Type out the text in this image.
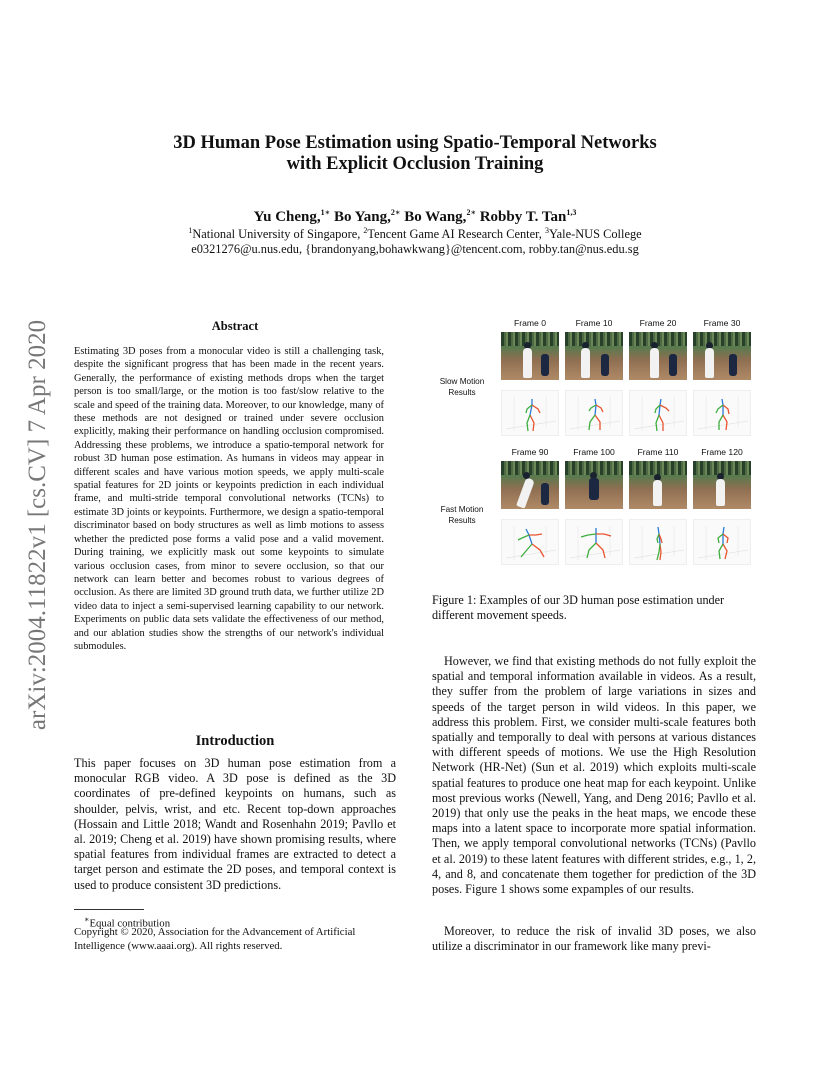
arXiv:2004.11822v1 [cs.CV] 7 Apr 2020
3D Human Pose Estimation using Spatio-Temporal Networks
with Explicit Occlusion Training
Yu Cheng,$^{1∗}$ Bo Yang,$^{2∗}$ Bo Wang,$^{2∗}$ Robby T. Tan$^{1,3}$
$^1$National University of Singapore, $^2$Tencent Game AI Research Center, $^3$Yale-NUS College
e0321276@u.nus.edu, {brandonyang,bohawkwang}@tencent.com, robby.tan@nus.edu.sg
Abstract

Estimating 3D poses from a monocular video is still a challenging task, despite the significant progress that has been made in the recent years. Generally, the performance of existing methods drops when the target person is too small/large, or the motion is too fast/slow relative to the scale and speed of the training data. Moreover, to our knowledge, many of these methods are not designed or trained under severe occlusion explicitly, making their performance on handling occlusion compromised. Addressing these problems, we introduce a spatio-temporal network for robust 3D human pose estimation. As humans in videos may appear in different scales and have various motion speeds, we apply multi-scale spatial features for 2D joints or keypoints prediction in each individual frame, and multi-stride temporal convolutional networks (TCNs) to estimate 3D joints or keypoints. Furthermore, we design a spatio-temporal discriminator based on body structures as well as limb motions to assess whether the predicted pose forms a valid pose and a valid movement. During training, we explicitly mask out some keypoints to simulate various occlusion cases, from minor to severe occlusion, so that our network can learn better and becomes robust to various degrees of occlusion. As there are limited 3D ground truth data, we further utilize 2D video data to inject a semi-supervised learning capability to our network. Experiments on public data sets validate the effectiveness of our method, and our ablation studies show the strengths of our network's individual submodules.

Introduction

This paper focuses on 3D human pose estimation from a monocular RGB video. A 3D pose is defined as the 3D coordinates of pre-defined keypoints on humans, such as shoulder, pelvis, wrist, and etc. Recent top-down approaches (Hossain and Little 2018; Wandt and Rosenhahn 2019; Pavllo et al. 2019; Cheng et al. 2019) have shown promising results, where spatial features from individual frames are extracted to detect a target person and estimate the 2D poses, and temporal context is used to produce consistent 3D predictions.

∗Equal contribution

Copyright © 2020, Association for the Advancement of Artificial Intelligence (www.aaai.org). All rights reserved.

Frame 0	Frame 10	Frame 20	Frame 30
Slow Motion Results
Frame 90	Frame 100	Frame 110	Frame 120
Fast Motion Results

Figure 1: Examples of our 3D human pose estimation under different movement speeds.

However, we find that existing methods do not fully exploit the spatial and temporal information available in videos. As a result, they suffer from the problem of large variations in sizes and speeds of the target person in wild videos. In this paper, we address this problem. First, we consider multi-scale features both spatially and temporally to deal with persons at various distances with different speeds of motions. We use the High Resolution Network (HR-Net) (Sun et al. 2019) which exploits multi-scale spatial features to produce one heat map for each keypoint. Unlike most previous works (Newell, Yang, and Deng 2016; Pavllo et al. 2019) that only use the peaks in the heat maps, we encode these maps into a latent space to incorporate more spatial information. Then, we apply temporal convolutional networks (TCNs) (Pavllo et al. 2019) to these latent features with different strides, e.g., 1, 2, 4, and 8, and concatenate them together for prediction of the 3D poses. Figure 1 shows some expamples of our results.

Moreover, to reduce the risk of invalid 3D poses, we also utilize a discriminator in our framework like many previ-
